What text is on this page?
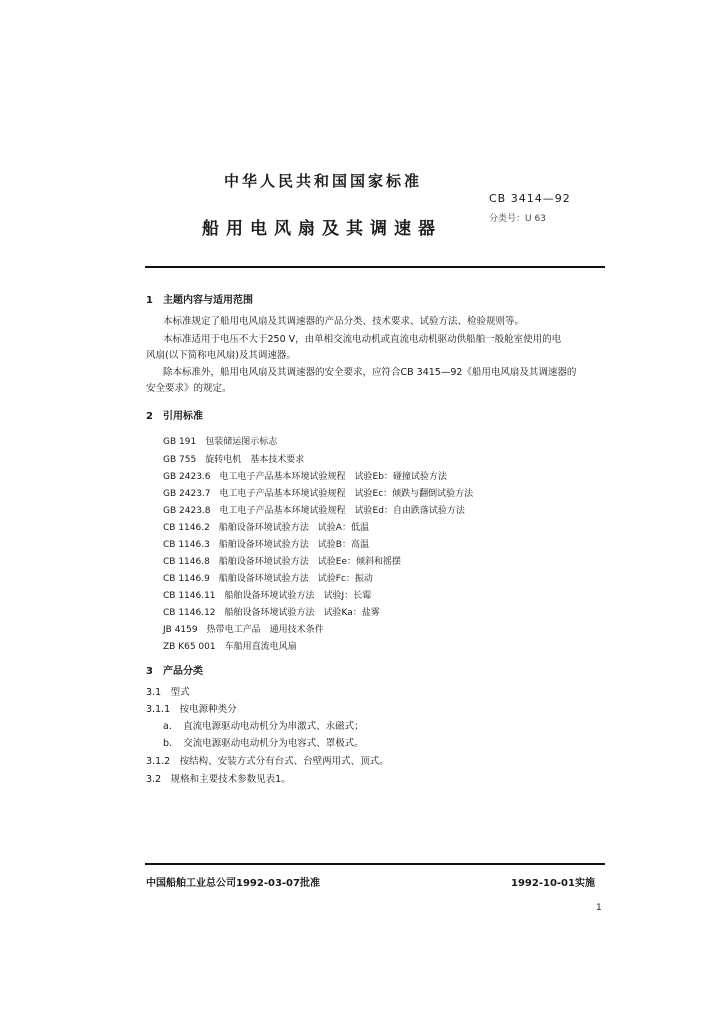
中华人民共和国国家标准
船用电风扇及其调速器
CB 3414—92
分类号：U 63
1　主题内容与适用范围
本标准规定了船用电风扇及其调速器的产品分类、技术要求、试验方法、检验规则等。
本标准适用于电压不大于250 V，由单相交流电动机或直流电动机驱动供船舶一般舱室使用的电
风扇(以下简称电风扇)及其调速器。
除本标准外，船用电风扇及其调速器的安全要求，应符合CB 3415—92《船用电风扇及其调速器的
安全要求》的规定。
2　引用标准
GB 191　包装储运图示标志
GB 755　旋转电机　基本技术要求
GB 2423.6　电工电子产品基本环境试验规程　试验Eb：碰撞试验方法
GB 2423.7　电工电子产品基本环境试验规程　试验Ec：倾跌与翻倒试验方法
GB 2423.8　电工电子产品基本环境试验规程　试验Ed：自由跌落试验方法
CB 1146.2　船舶设备环境试验方法　试验A：低温
CB 1146.3　船舶设备环境试验方法　试验B：高温
CB 1146.8　船舶设备环境试验方法　试验Ee：倾斜和摇摆
CB 1146.9　船舶设备环境试验方法　试验Fc：振动
CB 1146.11　船舶设备环境试验方法　试验J：长霉
CB 1146.12　船舶设备环境试验方法　试验Ka：盐雾
JB 4159　热带电工产品　通用技术条件
ZB K65 001　车船用直流电风扇
3　产品分类
3.1　型式
3.1.1　按电源种类分
a．　直流电源驱动电动机分为串激式、永磁式；
b．　交流电源驱动电动机分为电容式、罩极式。
3.1.2　按结构、安装方式分有台式、台壁两用式、顶式。
3.2　规格和主要技术参数见表1。
中国船舶工业总公司1992-03-07批准	1992-10-01实施
1
